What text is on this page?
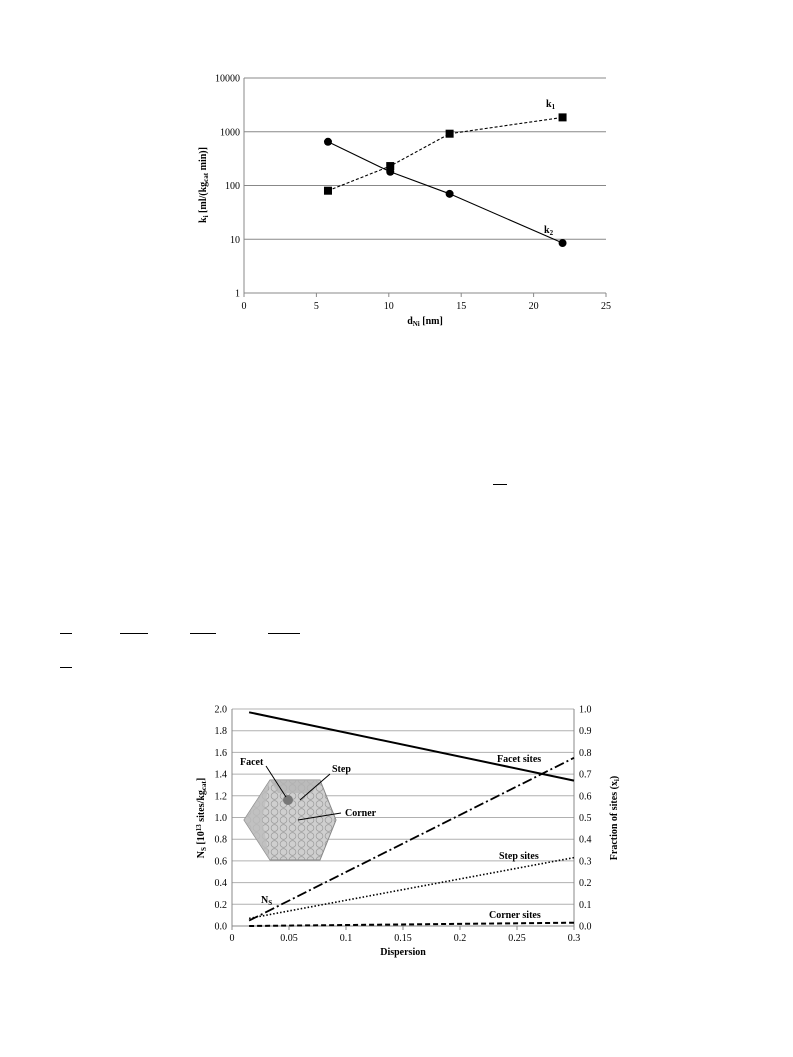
1
10
100
1000
10000
0	5	10	15	20	25
$d_{Ni}$ [nm]
$k_i$ [$ml/(kg_{cat}$ min)]
$k_1$
$k_2$
0.0
0.2
0.4
0.6
0.8
1.0
1.2
1.4
1.6
1.8
2.0
0.0
0.1
0.2
0.3
0.4
0.5
0.6
0.7
0.8
0.9
1.0
0	0.05	0.1	0.15	0.2	0.25	0.3
Facet
Step
Corner
Facet sites
Step sites
Corner sites
$N_S$
Dispersion
$N_S$ [$10^{13}$ sites/$kg_{cat}$]
Fraction of sites $(x_i)$
